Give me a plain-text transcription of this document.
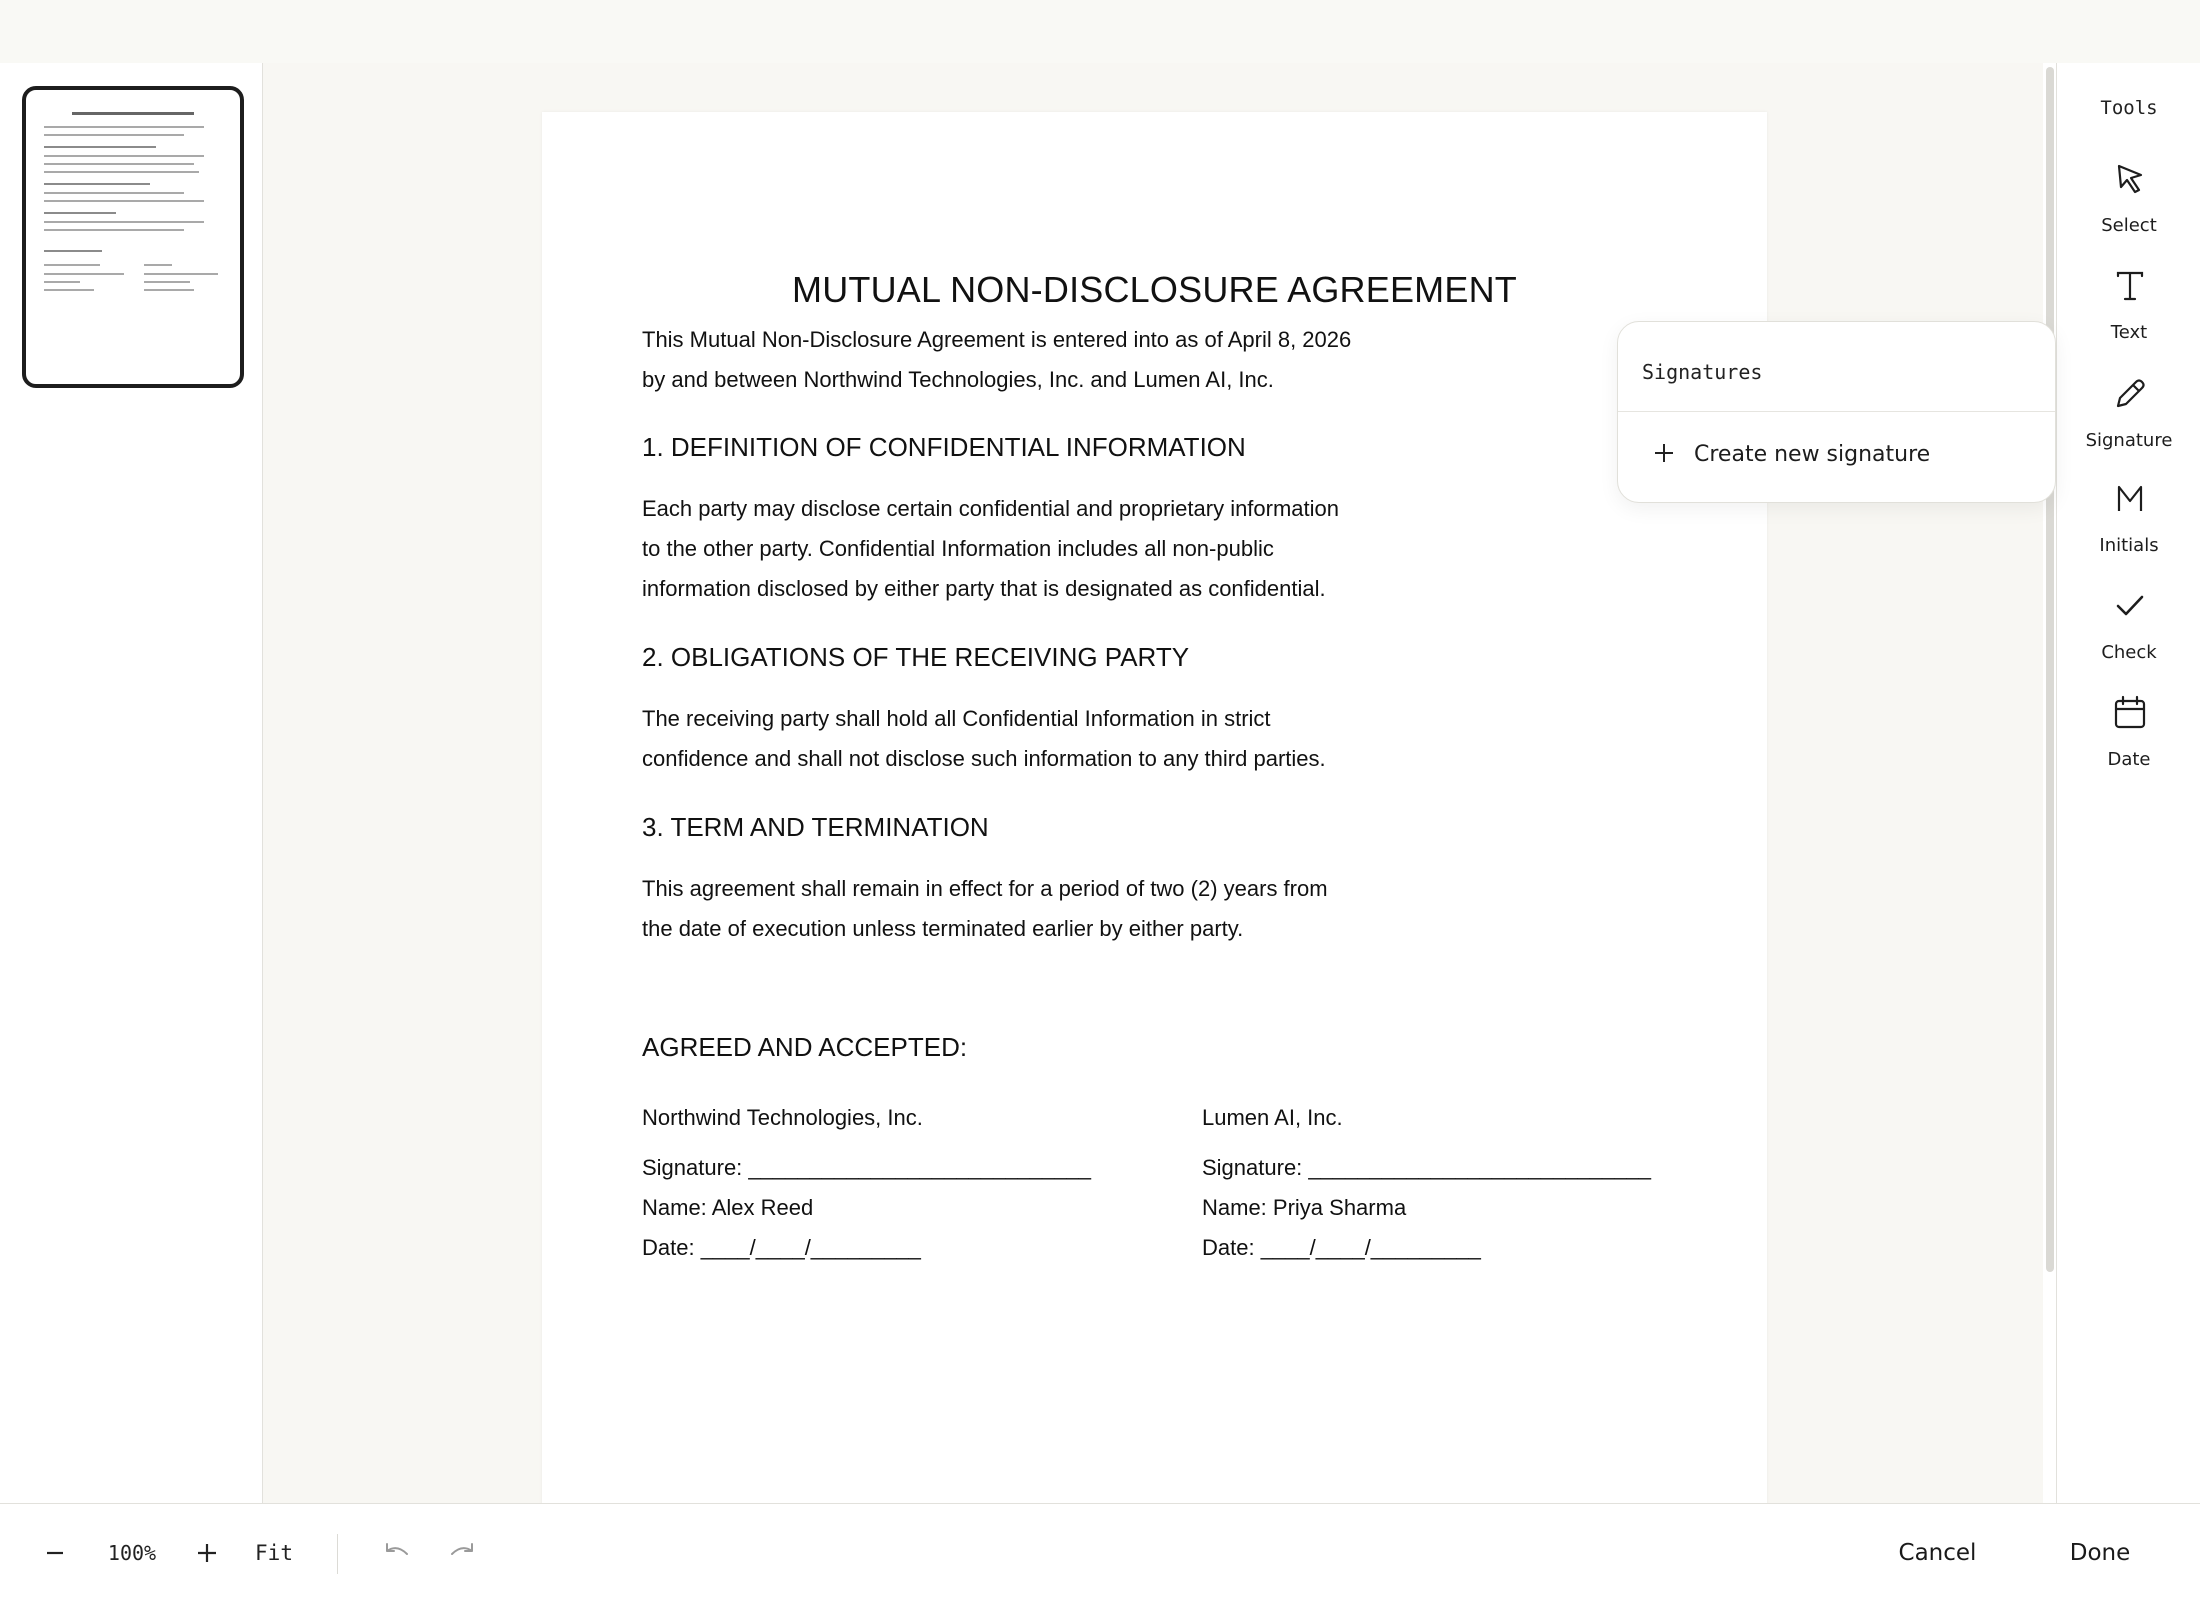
MUTUAL NON-DISCLOSURE AGREEMENT
This Mutual Non-Disclosure Agreement is entered into as of April 8, 2026
by and between Northwind Technologies, Inc. and Lumen AI, Inc.
1. DEFINITION OF CONFIDENTIAL INFORMATION
Each party may disclose certain confidential and proprietary information
to the other party. Confidential Information includes all non-public
information disclosed by either party that is designated as confidential.
2. OBLIGATIONS OF THE RECEIVING PARTY
The receiving party shall hold all Confidential Information in strict
confidence and shall not disclose such information to any third parties.
3. TERM AND TERMINATION
This agreement shall remain in effect for a period of two (2) years from
the date of execution unless terminated earlier by either party.
AGREED AND ACCEPTED:
Northwind Technologies, Inc.
Signature: ____________________________
Name: Alex Reed
Date: ____/____/_________
Lumen AI, Inc.
Signature: ____________________________
Name: Priya Sharma
Date: ____/____/_________
Signatures
Create new signature
Tools
Select
Text
Signature
Initials
Check
Date
100%	Fit	Cancel	Done
